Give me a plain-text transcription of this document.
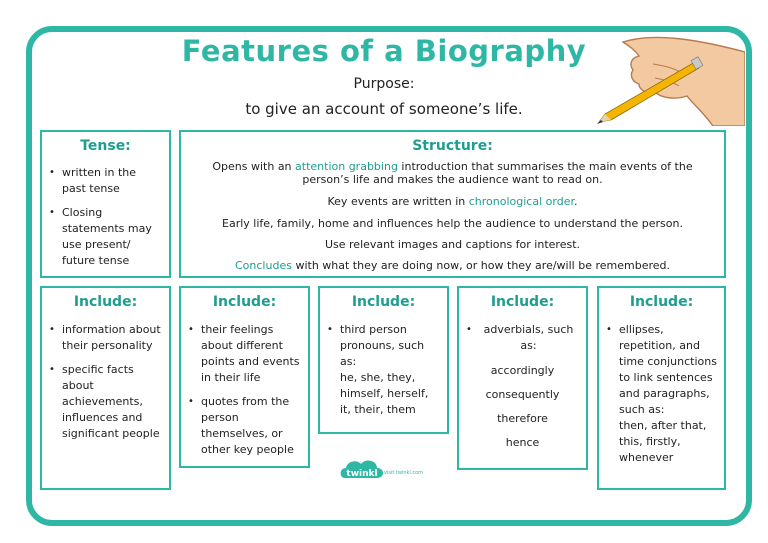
Features of a Biography
Purpose:
to give an account of someone’s life.
Tense:
• written in the past tense
• Closing statements may use present/ future tense
Structure:

Opens with an attention grabbing introduction that summarises the main events of the person’s life and makes the audience want to read on.

Key events are written in chronological order.

Early life, family, home and influences help the audience to understand the person.

Use relevant images and captions for interest.

Concludes with what they are doing now, or how they are/will be remembered.

Include:
• information about their personality
• specific facts about achievements, influences and significant people
Include:
• their feelings about different points and events in their life
• quotes from the person themselves, or other key people
Include:
• third person pronouns, such as:
he, she, they, himself, herself, it, their, them
Include:
• adverbials, such as:
accordingly
consequently
therefore
hence
Include:
• ellipses, repetition, and time conjunctions to link sentences and paragraphs, such as:
then, after that, this, firstly, whenever
twinkl visit twinkl.com
